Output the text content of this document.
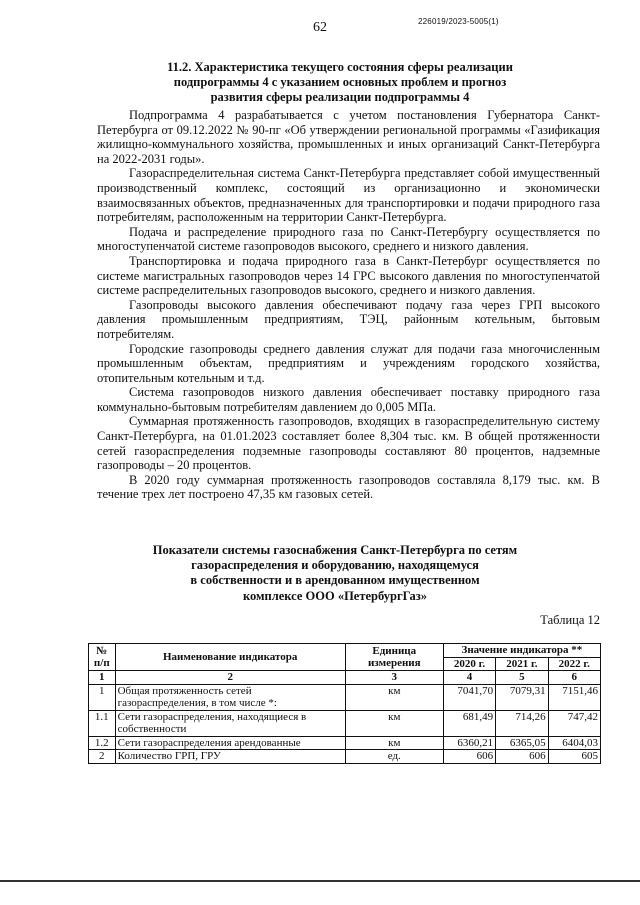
62	226019/2023-5005(1)
11.2. Характеристика текущего состояния сферы реализации
подпрограммы 4 с указанием основных проблем и прогноз
развития сферы реализации подпрограммы 4

Подпрограмма 4 разрабатывается с учетом постановления Губернатора Санкт-Петербурга от 09.12.2022 № 90-пг «Об утверждении региональной программы «Газификация жилищно-коммунального хозяйства, промышленных и иных организаций Санкт-Петербурга на 2022-2031 годы».

Газораспределительная система Санкт-Петербурга представляет собой имущественный производственный комплекс, состоящий из организационно и экономически взаимосвязанных объектов, предназначенных для транспортировки и подачи природного газа потребителям, расположенным на территории Санкт-Петербурга.

Подача и распределение природного газа по Санкт-Петербургу осуществляется по многоступенчатой системе газопроводов высокого, среднего и низкого давления.

Транспортировка и подача природного газа в Санкт-Петербург осуществляется по системе магистральных газопроводов через 14 ГРС высокого давления по многоступенчатой системе распределительных газопроводов высокого, среднего и низкого давления.

Газопроводы высокого давления обеспечивают подачу газа через ГРП высокого давления промышленным предприятиям, ТЭЦ, районным котельным, бытовым потребителям.

Городские газопроводы среднего давления служат для подачи газа многочисленным промышленным объектам, предприятиям и учреждениям городского хозяйства, отопительным котельным и т.д.

Система газопроводов низкого давления обеспечивает поставку природного газа коммунально-бытовым потребителям давлением до 0,005 МПа.

Суммарная протяженность газопроводов, входящих в газораспределительную систему Санкт-Петербурга, на 01.01.2023 составляет более 8,304 тыс. км. В общей протяженности сетей газораспределения подземные газопроводы составляют 80 процентов, надземные газопроводы – 20 процентов.

В 2020 году суммарная протяженность газопроводов составляла 8,179 тыс. км. В течение трех лет построено 47,35 км газовых сетей.

Показатели системы газоснабжения Санкт-Петербурга по сетям
газораспределения и оборудованию, находящемуся
в собственности и в арендованном имущественном
комплексе ООО «ПетербургГаз»
Таблица 12
№ п/п	Наименование индикатора	Единица измерения	Значение индикатора **		
			2020 г.	2021 г.	2022 г.
1	2	3	4	5	6
1	Общая протяженность сетей газораспределения, в том числе *:	км	7041,70	7079,31	7151,46
1.1	Сети газораспределения, находящиеся в собственности	км	681,49	714,26	747,42
1.2	Сети газораспределения арендованные	км	6360,21	6365,05	6404,03
2	Количество ГРП, ГРУ	ед.	606	606	605
